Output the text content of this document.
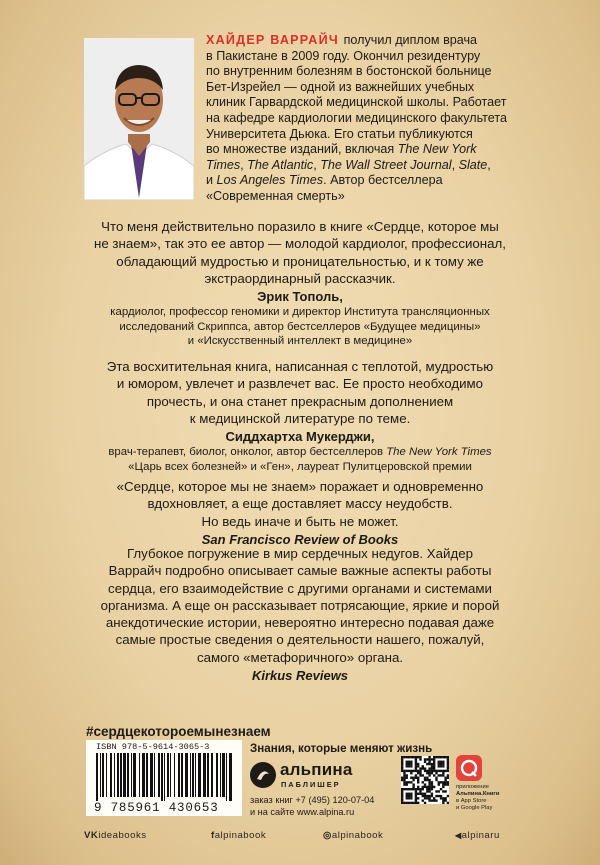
ХАЙДЕР ВАРРАЙЧ получил диплом врача
в Пакистане в 2009 году. Окончил резидентуру
по внутренним болезням в бостонской больнице
Бет-Изрейел — одной из важнейших учебных
клиник Гарвардской медицинской школы. Работает
на кафедре кардиологии медицинского факультета
Университета Дьюка. Его статьи публикуются
во множестве изданий, включая The New York
Times, The Atlantic, The Wall Street Journal, Slate,
и Los Angeles Times. Автор бестселлера
«Современная смерть»

Что меня действительно поразило в книге «Сердце, которое мы

не знаем», так это ее автор — молодой кардиолог, профессионал,

обладающий мудростью и проницательностью, и к тому же

экстраординарный рассказчик.

Эрик Тополь,
кардиолог, профессор геномики и директор Института трансляционных
исследований Скриппса, автор бестселлеров «Будущее медицины»
и «Искусственный интеллект в медицине»

Эта восхитительная книга, написанная с теплотой, мудростью

и юмором, увлечет и развлечет вас. Ее просто необходимо

прочесть, и она станет прекрасным дополнением

к медицинской литературе по теме.

Сиддхартха Мукерджи,
врач-терапевт, биолог, онколог, автор бестселлеров The New York Times
«Царь всех болезней» и «Ген», лауреат Пулитцеровской премии

«Сердце, которое мы не знаем» поражает и одновременно

вдохновляет, а еще доставляет массу неудобств.

Но ведь иначе и быть не может.

San Francisco Review of Books

Глубокое погружение в мир сердечных недугов. Хайдер

Варрайч подробно описывает самые важные аспекты работы

сердца, его взаимодействие с другими органами и системами

организма. А еще он рассказывает потрясающие, яркие и порой

анекдотические истории, невероятно интересно подавая даже

самые простые сведения о деятельности нашего, пожалуй,

самого «метафоричного» органа.

Kirkus Reviews
#сердцекотороемынезнаем
ISBN 978-5-9614-3065-3
9 785961 430653
Знания, которые меняют жизнь
альпина
ПАБЛИШЕР
заказ книг +7 (495) 120-07-04
и на сайте www.alpina.ru
приложение
Альпина.Книги
в App Store
и Google Play
VKideabooks	falpinabook	◎alpinabook	◀alpinaru
